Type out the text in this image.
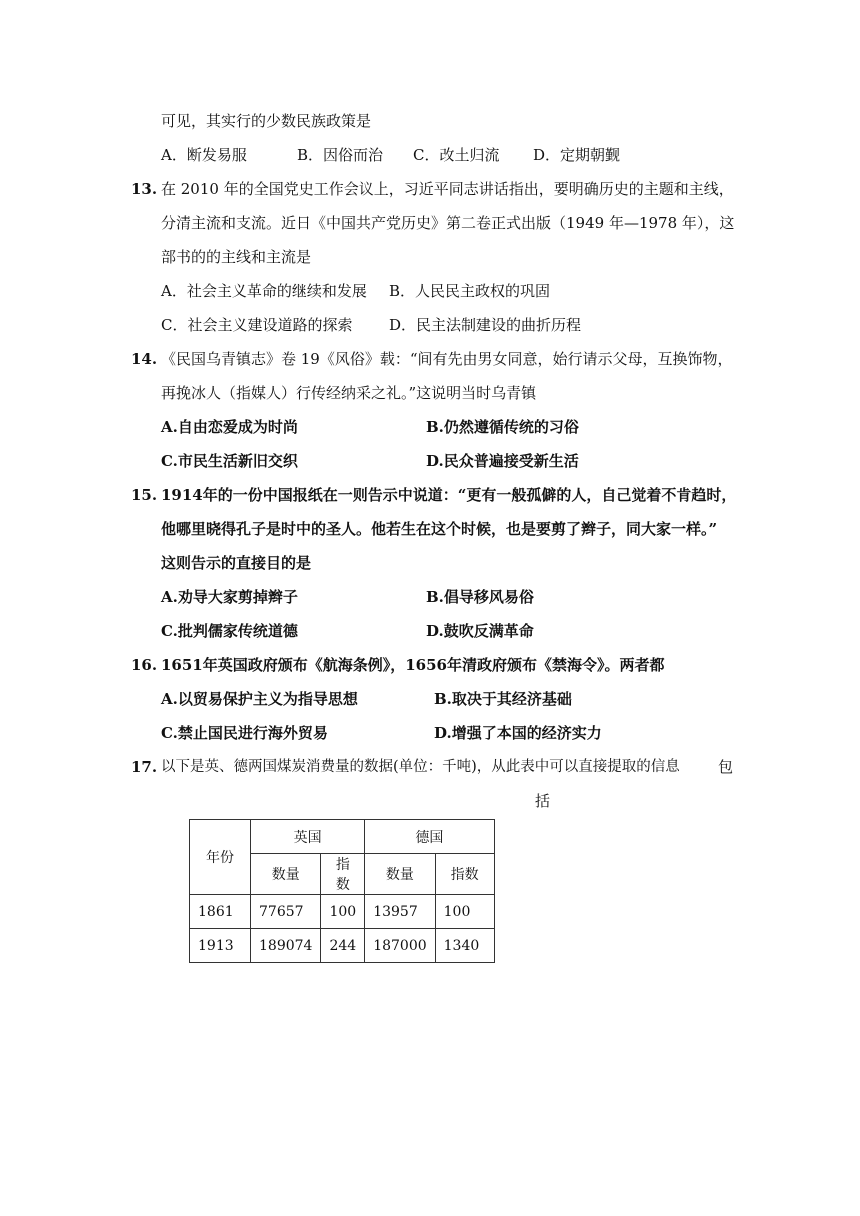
可见，其实行的少数民族政策是
A．断发易服	B．因俗而治 C．改土归流 D．定期朝觐
13. 在 2010 年的全国党史工作会议上，习近平同志讲话指出，要明确历史的主题和主线，
分清主流和支流。近日《中国共产党历史》第二卷正式出版（1949 年—1978 年），这
部书的的主线和主流是
A．社会主义革命的继续和发展 B．人民民主政权的巩固
C．社会主义建设道路的探索 D．民主法制建设的曲折历程
14. 《民国乌青镇志》卷 19《风俗》载：“间有先由男女同意，始行请示父母，互换饰物，
再挽冰人（指媒人）行传经纳采之礼。”这说明当时乌青镇
A.自由恋爱成为时尚	B.仍然遵循传统的习俗
C.市民生活新旧交织	D.民众普遍接受新生活
15. 1914年的一份中国报纸在一则告示中说道：“更有一般孤僻的人，自己觉着不肯趋时，
他哪里晓得孔子是时中的圣人。他若生在这个时候，也是要剪了辫子，同大家一样。”
这则告示的直接目的是
A.劝导大家剪掉辫子	B.倡导移风易俗
C.批判儒家传统道德	D.鼓吹反满革命
16. 1651年英国政府颁布《航海条例》，1656年清政府颁布《禁海令》。两者都
A.以贸易保护主义为指导思想	B.取决于其经济基础
C.禁止国民进行海外贸易	D.增强了本国的经济实力
17. 以下是英、德两国煤炭消费量的数据(单位：千吨)，从此表中可以直接提取的信息	包
括
年份	英国		德国	
	数量	指数	数量	指数
1861	77657	100	13957	100
1913	189074	244	187000	1340
